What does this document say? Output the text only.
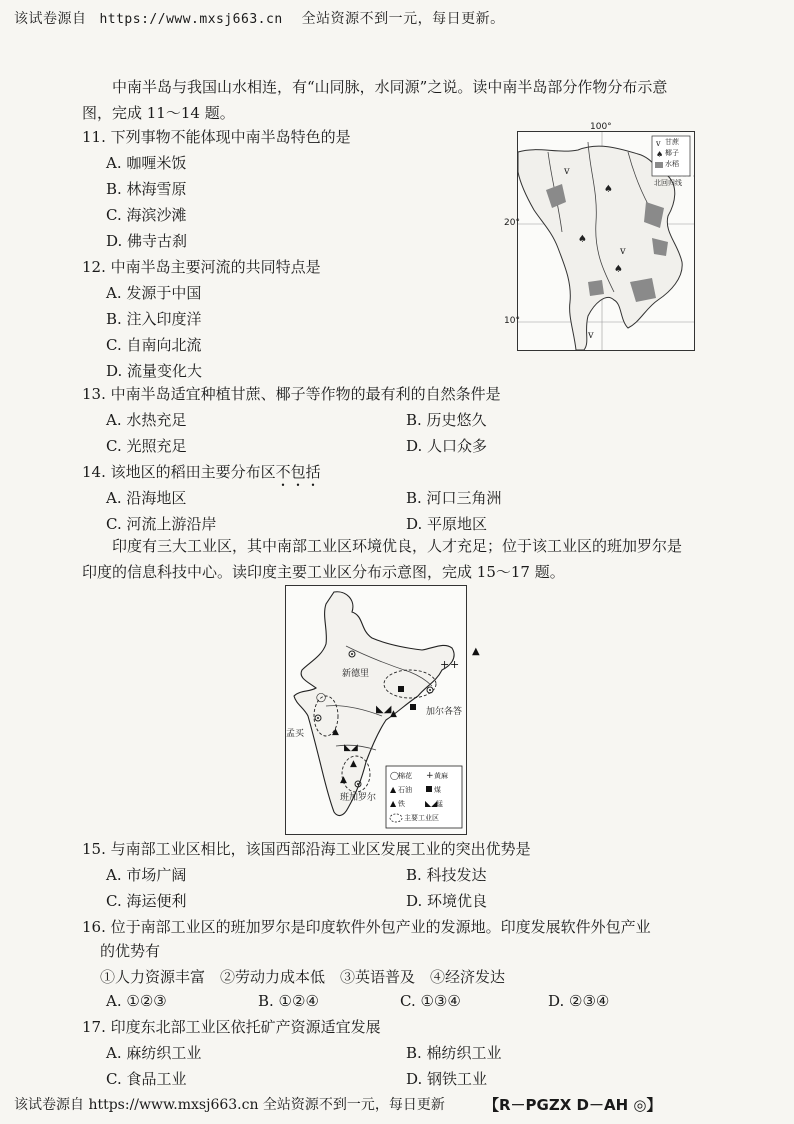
该试卷源自 https://www.mxsj663.cn 全站资源不到一元，每日更新。
中南半岛与我国山水相连，有“山同脉，水同源”之说。读中南半岛部分作物分布示意图，完成 11～14 题。
11. 下列事物不能体现中南半岛特色的是
A. 咖喱米饭
B. 林海雪原
C. 海滨沙滩
D. 佛寺古刹
12. 中南半岛主要河流的共同特点是
A. 发源于中国
B. 注入印度洋
C. 自南向北流
D. 流量变化大
ⅴ
ⅴ
♠
♠
♠
ⅴ
ⅴ
♠
100°
20°
10°
甘蔗
椰子
水稻
北回归线
13. 中南半岛适宜种植甘蔗、椰子等作物的最有利的自然条件是
A. 水热充足	B. 历史悠久
C. 光照充足	D. 人口众多
14. 该地区的稻田主要分布区不包括
A. 沿海地区	B. 河口三角洲
C. 河流上游沿岸	D. 平原地区
印度有三大工业区，其中南部工业区环境优良，人才充足；位于该工业区的班加罗尔是印度的信息科技中心。读印度主要工业区分布示意图，完成 15～17 题。
+ +
▲
◣◢
▲
▲
◣◢
▲
▲
◯
◯	+
▲
▲	◣◢
新德里
加尔各答
孟买
班加罗尔
棉花	黄麻
石油	煤
铁	锰
主要工业区
15. 与南部工业区相比，该国西部沿海工业区发展工业的突出优势是
A. 市场广阔	B. 科技发达
C. 海运便利	D. 环境优良
16. 位于南部工业区的班加罗尔是印度软件外包产业的发源地。印度发展软件外包产业
的优势有
①人力资源丰富　②劳动力成本低　③英语普及　④经济发达
A. ①②③	B. ①②④	C. ①③④	D. ②③④
17. 印度东北部工业区依托矿产资源适宜发展
A. 麻纺织工业	B. 棉纺织工业
C. 食品工业	D. 钢铁工业
该试卷源自 https://www.mxsj663.cn 全站资源不到一元，每日更新	【R－PGZX D－AH ◎】
